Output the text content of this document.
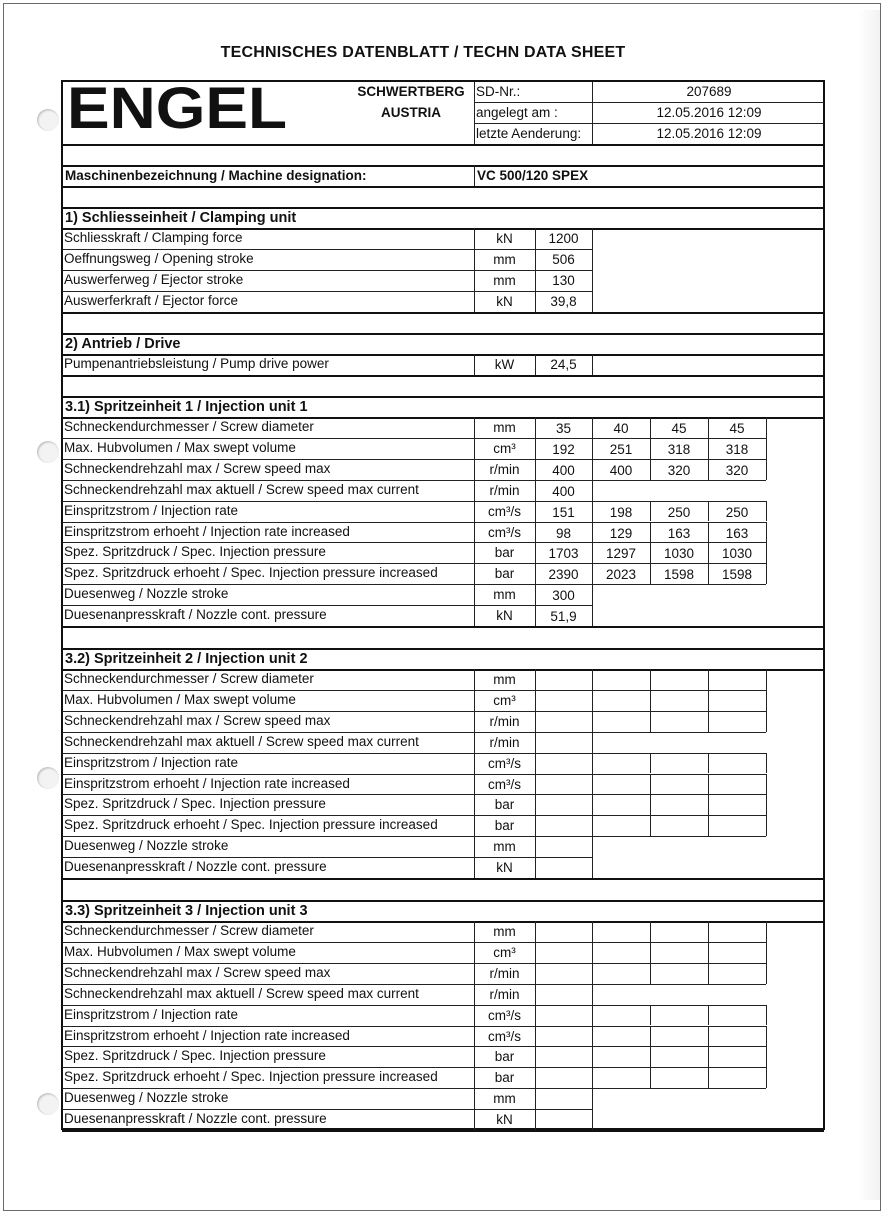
TECHNISCHES DATENBLATT / TECHN DATA SHEET
ENGEL	SCHWERTBERG
AUSTRIA
SD-Nr.:	207689
angelegt am :	12.05.2016 12:09
letzte Aenderung:	12.05.2016 12:09
Maschinenbezeichnung / Machine designation:	VC 500/120 SPEX
1) Schliesseinheit / Clamping unit
Schliesskraft / Clamping force	kN	1200
Oeffnungsweg / Opening stroke	mm	506
Auswerferweg / Ejector stroke	mm	130
Auswerferkraft / Ejector force	kN	39,8
2) Antrieb / Drive
Pumpenantriebsleistung / Pump drive power	kW	24,5
3.1) Spritzeinheit 1 / Injection unit 1
Schneckendurchmesser / Screw diameter	mm	35	40	45	45
Max. Hubvolumen / Max swept volume	cm³	192	251	318	318
Schneckendrehzahl max / Screw speed max	r/min	400	400	320	320
Schneckendrehzahl max aktuell / Screw speed max current	r/min	400
Einspritzstrom / Injection rate	cm³/s	151	198	250	250
Einspritzstrom erhoeht / Injection rate increased	cm³/s	98	129	163	163
Spez. Spritzdruck / Spec. Injection pressure	bar	1703	1297	1030	1030
Spez. Spritzdruck erhoeht / Spec. Injection pressure increased	bar	2390	2023	1598	1598
Duesenweg / Nozzle stroke	mm	300
Duesenanpresskraft / Nozzle cont. pressure	kN	51,9
3.2) Spritzeinheit 2 / Injection unit 2
Schneckendurchmesser / Screw diameter	mm
Max. Hubvolumen / Max swept volume	cm³
Schneckendrehzahl max / Screw speed max	r/min
Schneckendrehzahl max aktuell / Screw speed max current	r/min
Einspritzstrom / Injection rate	cm³/s
Einspritzstrom erhoeht / Injection rate increased	cm³/s
Spez. Spritzdruck / Spec. Injection pressure	bar
Spez. Spritzdruck erhoeht / Spec. Injection pressure increased	bar
Duesenweg / Nozzle stroke	mm
Duesenanpresskraft / Nozzle cont. pressure	kN
3.3) Spritzeinheit 3 / Injection unit 3
Schneckendurchmesser / Screw diameter	mm
Max. Hubvolumen / Max swept volume	cm³
Schneckendrehzahl max / Screw speed max	r/min
Schneckendrehzahl max aktuell / Screw speed max current	r/min
Einspritzstrom / Injection rate	cm³/s
Einspritzstrom erhoeht / Injection rate increased	cm³/s
Spez. Spritzdruck / Spec. Injection pressure	bar
Spez. Spritzdruck erhoeht / Spec. Injection pressure increased	bar
Duesenweg / Nozzle stroke	mm
Duesenanpresskraft / Nozzle cont. pressure	kN
